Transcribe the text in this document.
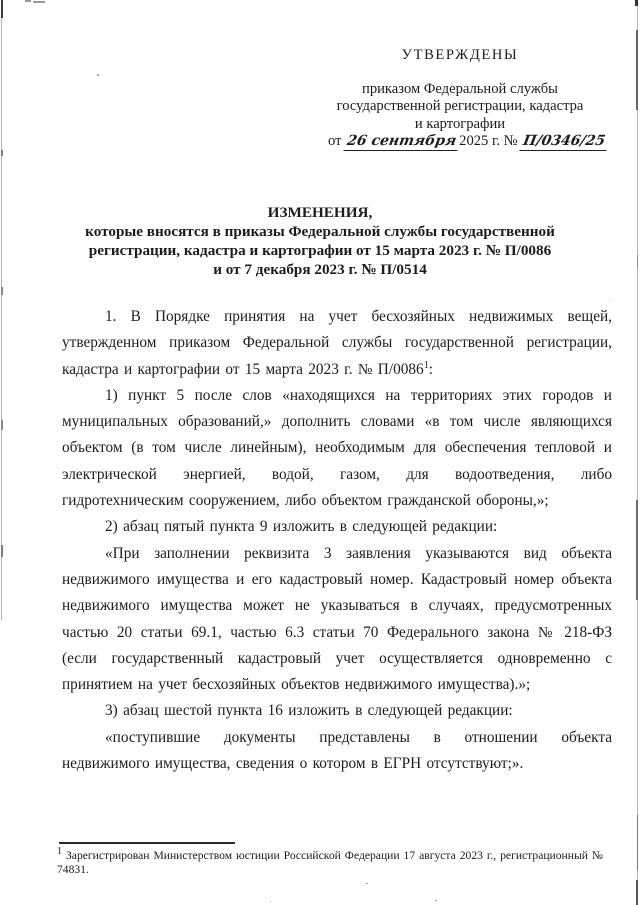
УТВЕРЖДЕНЫ
приказом Федеральной службы
государственной регистрации, кадастра
и картографии
от 26 сентября2025 г. № П/0346/25
ИЗМЕНЕНИЯ,
которые вносятся в приказы Федеральной службы государственной
регистрации, кадастра и картографии от 15 марта 2023 г. № П/0086
и от 7 декабря 2023 г. № П/0514

1. В Порядке принятия на учет бесхозяйных недвижимых вещей, утвержденном приказом Федеральной службы государственной регистрации, кадастра и картографии от 15 марта 2023 г. № П/0086$^1$:

1) пункт 5 после слов «находящихся на территориях этих городов и муниципальных образований,» дополнить словами «в том числе являющихся объектом (в том числе линейным), необходимым для обеспечения тепловой и электрической энергией, водой, газом, для водоотведения, либо гидротехническим сооружением, либо объектом гражданской обороны,»;

2) абзац пятый пункта 9 изложить в следующей редакции:

«При заполнении реквизита 3 заявления указываются вид объекта недвижимого имущества и его кадастровый номер. Кадастровый номер объекта недвижимого имущества может не указываться в случаях, предусмотренных частью 20 статьи 69.1, частью 6.3 статьи 70 Федерального закона № 218-ФЗ (если государственный кадастровый учет осуществляется одновременно с принятием на учет бесхозяйных объектов недвижимого имущества).»;

3) абзац шестой пункта 16 изложить в следующей редакции:

«поступившие документы представлены в отношении объекта недвижимого имущества, сведения о котором в ЕГРН отсутствуют;».

$^1$ Зарегистрирован Министерством юстиции Российской Федерации 17 августа 2023 г., регистрационный № 74831.
